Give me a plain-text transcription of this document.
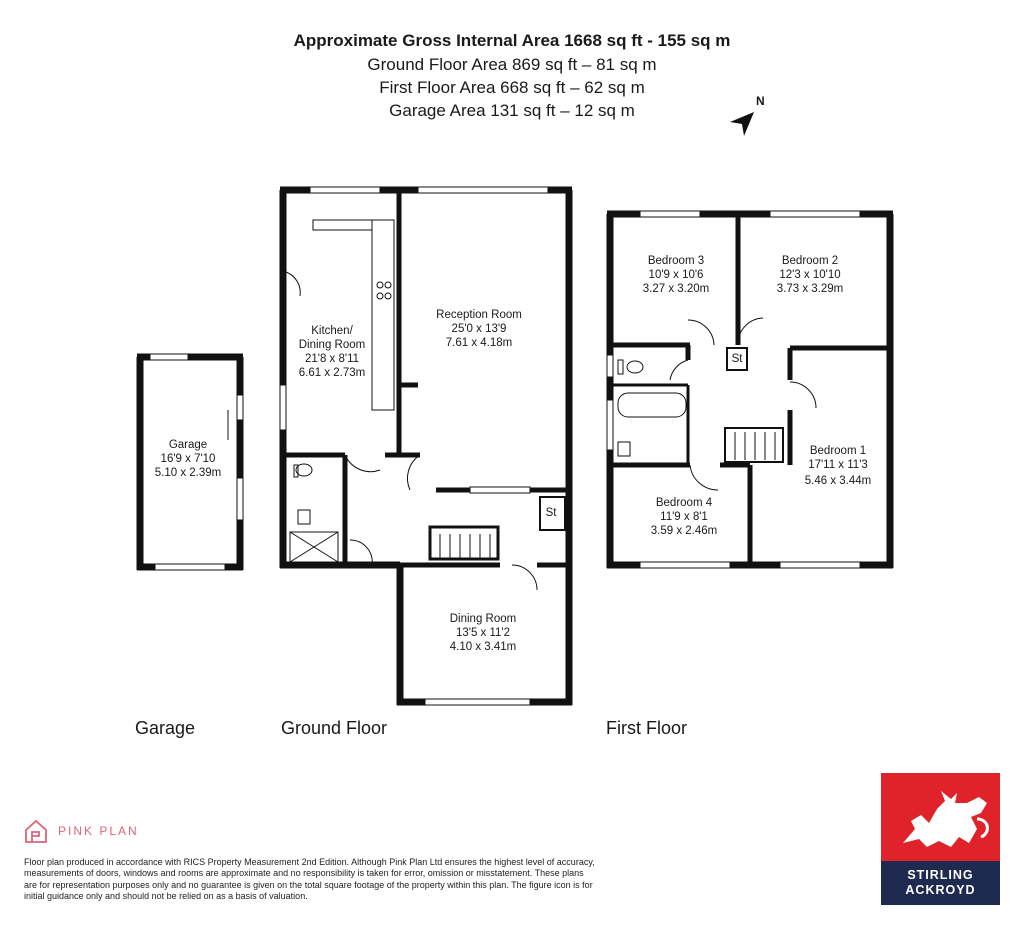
Approximate Gross Internal Area 1668 sq ft - 155 sq m
Ground Floor Area 869 sq ft – 81 sq m
First Floor Area 668 sq ft – 62 sq m
Garage Area 131 sq ft – 12 sq m
Garage
16'9 x 7'10
5.10 x 2.39m
Kitchen/
Dining Room
21'8 x 8'11
6.61 x 2.73m
Reception Room
25'0 x 13'9
7.61 x 4.18m
Dining Room
13'5 x 11'2
4.10 x 3.41m
St
Bedroom 3
10'9 x 10'6
3.27 x 3.20m
Bedroom 2
12'3 x 10'10
3.73 x 3.29m
Bedroom 1
17'11 x 11'3
5.46 x 3.44m
Bedroom 4
11'9 x 8'1
3.59 x 2.46m
St
N
Garage	Ground Floor	First Floor
PINK PLAN
Floor plan produced in accordance with RICS Property Measurement 2nd Edition. Although Pink Plan Ltd ensures the highest level of accuracy, measurements of doors, windows and rooms are approximate and no responsibility is taken for error, omission or misstatement. These plans are for representation purposes only and no guarantee is given on the total square footage of the property within this plan. The figure icon is for initial guidance only and should not be relied on as a basis of valuation.
STIRLING
ACKROYD
